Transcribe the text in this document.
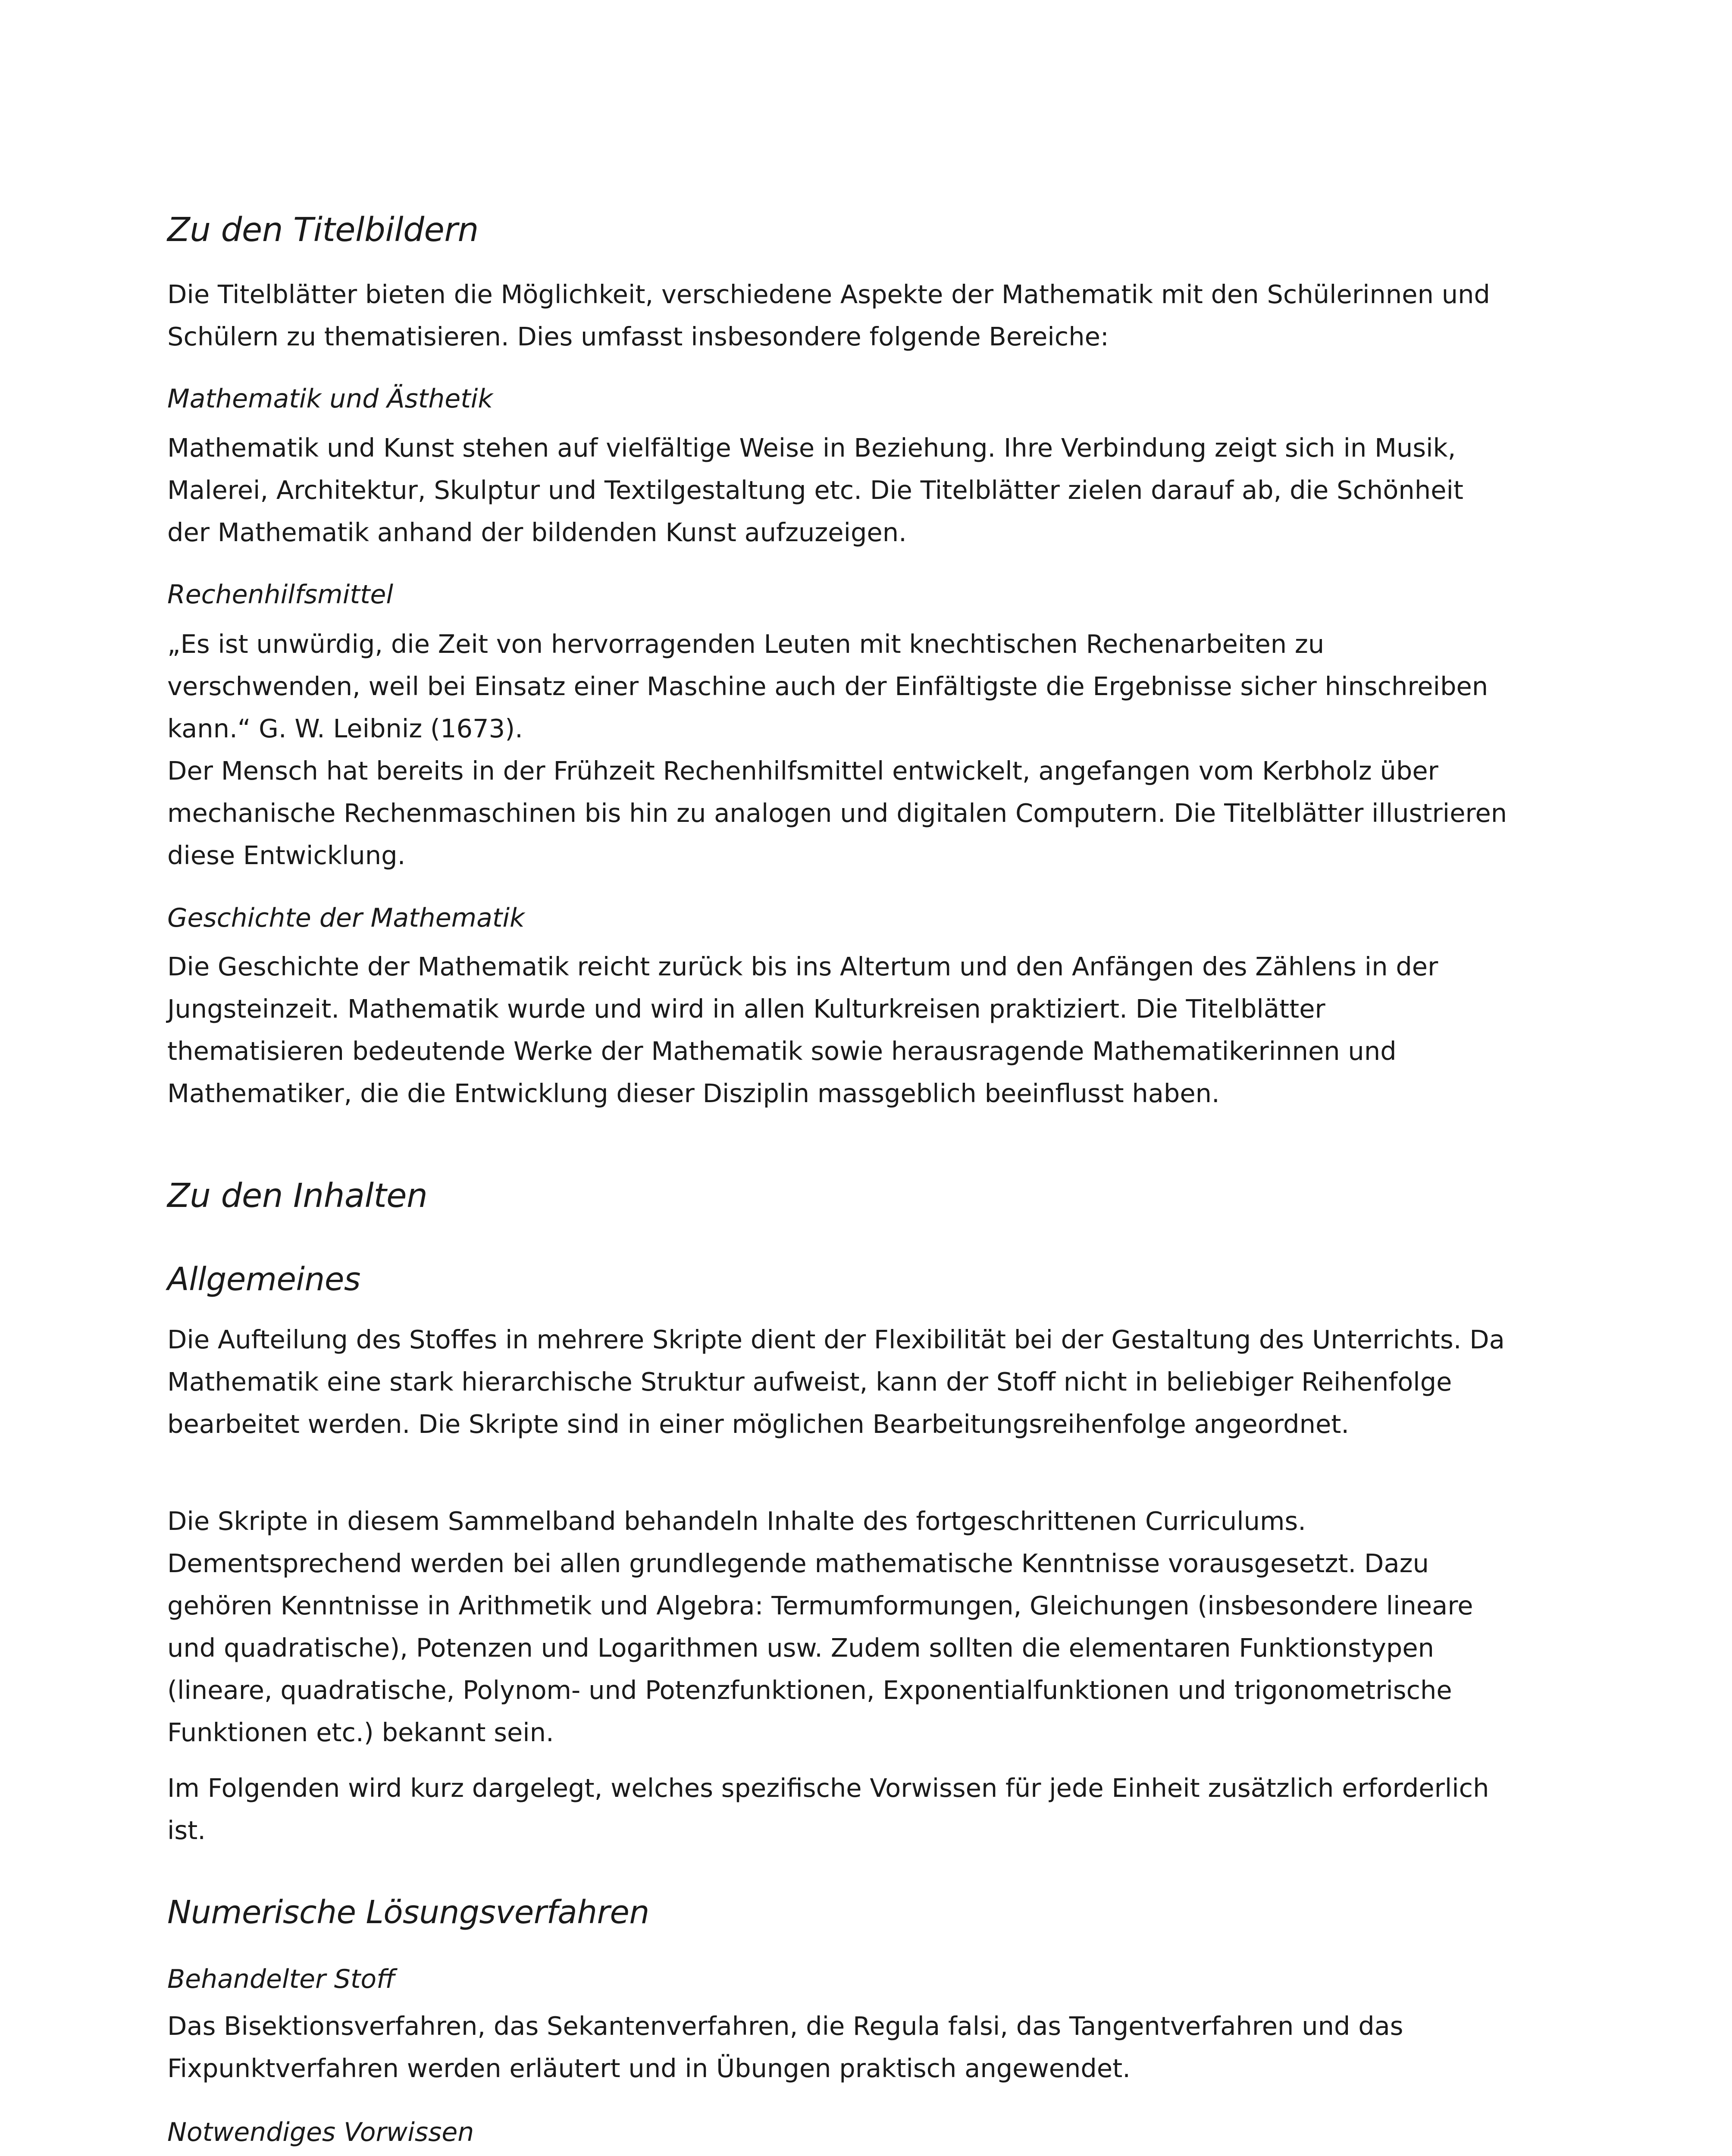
Zu den Titelbildern

Die Titelblätter bieten die Möglichkeit, verschiedene Aspekte der Mathematik mit den Schülerinnen und Schülern zu thematisieren. Dies umfasst insbesondere folgende Bereiche:

Mathematik und Ästhetik

Mathematik und Kunst stehen auf vielfältige Weise in Beziehung. Ihre Verbindung zeigt sich in Musik, Malerei, Architektur, Skulptur und Textilgestaltung etc. Die Titelblätter zielen darauf ab, die Schönheit der Mathematik anhand der bildenden Kunst aufzuzeigen.

Rechenhilfsmittel

„Es ist unwürdig, die Zeit von hervorragenden Leuten mit knechtischen Rechenarbeiten zu verschwenden, weil bei Einsatz einer Maschine auch der Einfältigste die Ergebnisse sicher hinschreiben kann.“ G. W. Leibniz (1673).

Der Mensch hat bereits in der Frühzeit Rechenhilfsmittel entwickelt, angefangen vom Kerbholz über mechanische Rechenmaschinen bis hin zu analogen und digitalen Computern. Die Titelblätter illustrieren diese Entwicklung.

Geschichte der Mathematik

Die Geschichte der Mathematik reicht zurück bis ins Altertum und den Anfängen des Zählens in der Jungsteinzeit. Mathematik wurde und wird in allen Kulturkreisen praktiziert. Die Titelblätter thematisieren bedeutende Werke der Mathematik sowie herausragende Mathematikerinnen und Mathematiker, die die Entwicklung dieser Disziplin massgeblich beeinflusst haben.

Zu den Inhalten
Allgemeines

Die Aufteilung des Stoffes in mehrere Skripte dient der Flexibilität bei der Gestaltung des Unterrichts. Da Mathematik eine stark hierarchische Struktur aufweist, kann der Stoff nicht in beliebiger Reihenfolge bearbeitet werden. Die Skripte sind in einer möglichen Bearbeitungsreihenfolge angeordnet.

Die Skripte in diesem Sammelband behandeln Inhalte des fortgeschrittenen Curriculums. Dementsprechend werden bei allen grundlegende mathematische Kenntnisse vorausgesetzt. Dazu gehören Kenntnisse in Arithmetik und Algebra: Termumformungen, Gleichungen (insbesondere lineare und quadratische), Potenzen und Logarithmen usw. Zudem sollten die elementaren Funktionstypen (lineare, quadratische, Polynom- und Potenzfunktionen, Exponentialfunktionen und trigonometrische Funktionen etc.) bekannt sein.

Im Folgenden wird kurz dargelegt, welches spezifische Vorwissen für jede Einheit zusätzlich erforderlich ist.

Numerische Lösungsverfahren

Behandelter Stoff

Das Bisektionsverfahren, das Sekantenverfahren, die Regula falsi, das Tangentverfahren und das Fixpunktverfahren werden erläutert und in Übungen praktisch angewendet.

Notwendiges Vorwissen
